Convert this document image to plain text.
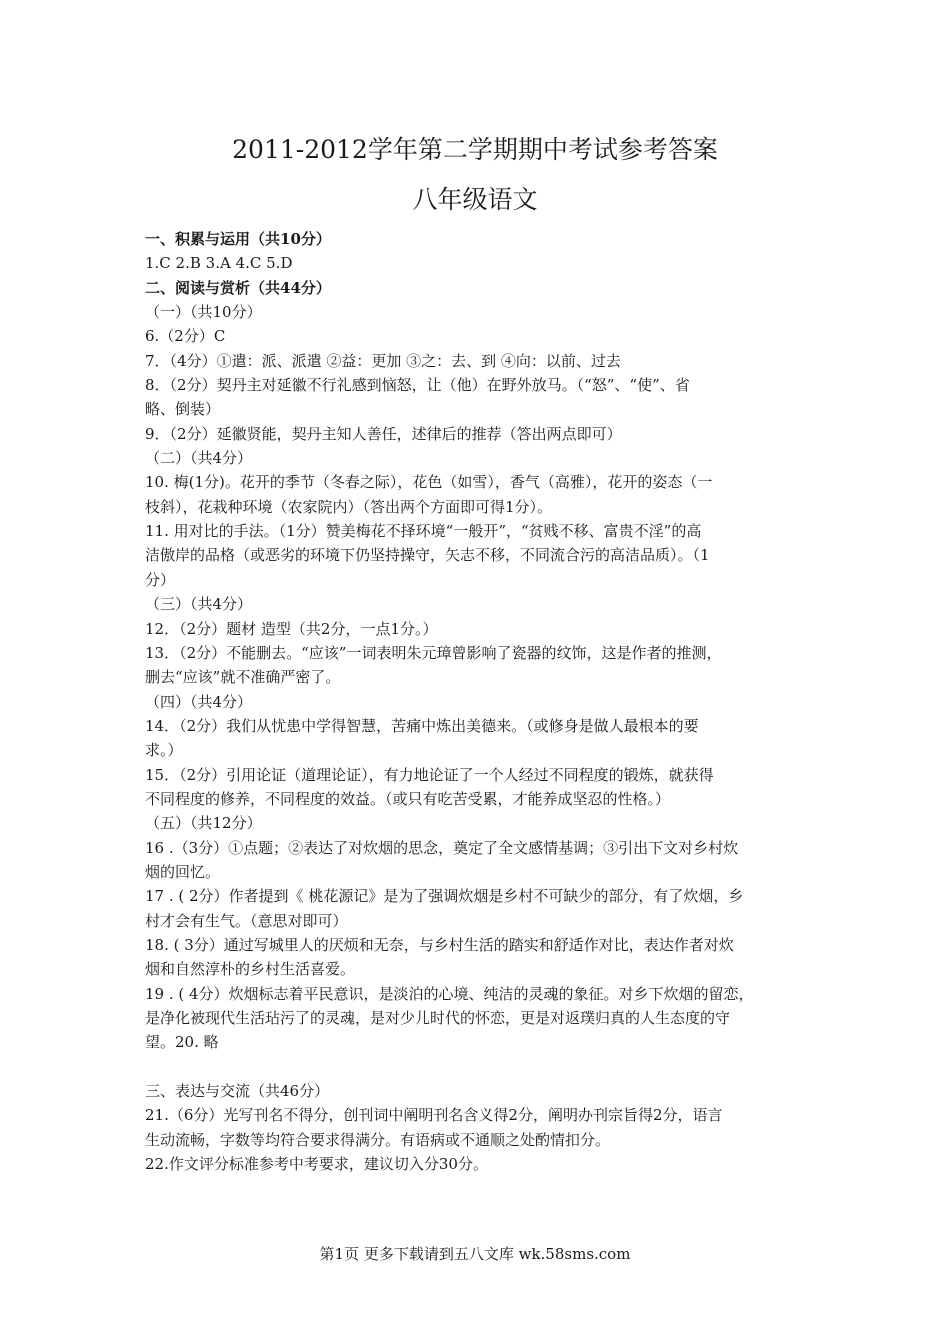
2011-2012学年第二学期期中考试参考答案
八年级语文
一、积累与运用（共10分）
1.C 2.B 3.A 4.C 5.D
二、阅读与赏析（共44分）
（一）（共10分）
6.（2分）C
7．（4分）①遣：派、派遣 ②益：更加 ③之：去、到 ④向：以前、过去
8．（2分）契丹主对延徽不行礼感到恼怒，让（他）在野外放马。（“怒”、“使”、省
略、倒装）
9．（2分）延徽贤能，契丹主知人善任，述律后的推荐（答出两点即可）
（二）（共4分）
10. 梅(1分)。花开的季节（冬春之际），花色（如雪），香气（高雅），花开的姿态（一
枝斜），花栽种环境（农家院内）（答出两个方面即可得1分）。
11. 用对比的手法。（1分）赞美梅花不择环境“一般开”，“贫贱不移、富贵不淫”的高
洁傲岸的品格（或恶劣的环境下仍坚持操守，矢志不移，不同流合污的高洁品质）。（1
分）
（三）（共4分）
12．（2分）题材 造型（共2分，一点1分。）
13．（2分）不能删去。“应该”一词表明朱元璋曾影响了瓷器的纹饰，这是作者的推测，
删去“应该”就不准确严密了。
（四）（共4分）
14．（2分）我们从忧患中学得智慧，苦痛中炼出美德来。（或修身是做人最根本的要
求。）
15．（2分）引用论证（道理论证），有力地论证了一个人经过不同程度的锻炼，就获得
不同程度的修养，不同程度的效益。（或只有吃苦受累，才能养成坚忍的性格。）
（五）（共12分）
16 .（3分）①点题；②表达了对炊烟的思念，奠定了全文感情基调；③引出下文对乡村炊
烟的回忆。
17 . ( 2分）作者提到《 桃花源记》是为了强调炊烟是乡村不可缺少的部分，有了炊烟，乡
村才会有生气。（意思对即可）
18. ( 3分）通过写城里人的厌烦和无奈，与乡村生活的踏实和舒适作对比，表达作者对炊
烟和自然淳朴的乡村生活喜爱。
19 . ( 4分）炊烟标志着平民意识，是淡泊的心境、纯洁的灵魂的象征。对乡下炊烟的留恋，
是净化被现代生活玷污了的灵魂，是对少儿时代的怀恋，更是对返璞归真的人生态度的守
望。20. 略
三、表达与交流（共46分）
21.（6分）光写刊名不得分，创刊词中阐明刊名含义得2分，阐明办刊宗旨得2分，语言
生动流畅，字数等均符合要求得满分。有语病或不通顺之处酌情扣分。
22.作文评分标准参考中考要求，建议切入分30分。
第1页 更多下载请到五八文库 wk.58sms.com
